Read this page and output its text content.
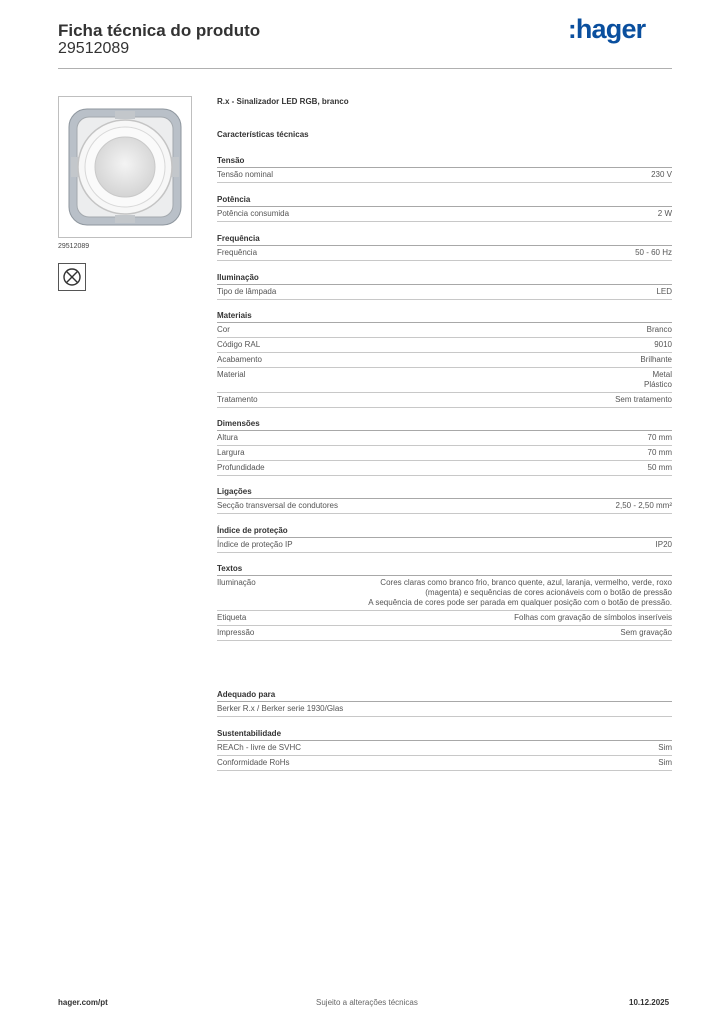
Ficha técnica do produto
29512089
:hager
29512089
R.x - Sinalizador LED RGB, branco
Características técnicas
Tensão
Tensão nominal	230 V
Potência
Potência consumida	2 W
Frequência
Frequência	50 - 60 Hz
Iluminação
Tipo de lâmpada	LED
Materiais
Cor	Branco
Código RAL	9010
Acabamento	Brilhante
Material	Metal
Plástico
Tratamento	Sem tratamento
Dimensões
Altura	70 mm
Largura	70 mm
Profundidade	50 mm
Ligações
Secção transversal de condutores	2,50 - 2,50 mm²
Índice de proteção
Índice de proteção IP	IP20
Textos
Iluminação	Cores claras como branco frio, branco quente, azul, laranja, vermelho, verde, roxo (magenta) e sequências de cores acionáveis com o botão de pressão
A sequência de cores pode ser parada em qualquer posição com o botão de pressão.
Etiqueta	Folhas com gravação de símbolos inseríveis
Impressão	Sem gravação
Adequado para
Berker R.x / Berker serie 1930/Glas
Sustentabilidade
REACh - livre de SVHC	Sim
Conformidade RoHs	Sim
hager.com/pt	Sujeito a alterações técnicas	10.12.2025
